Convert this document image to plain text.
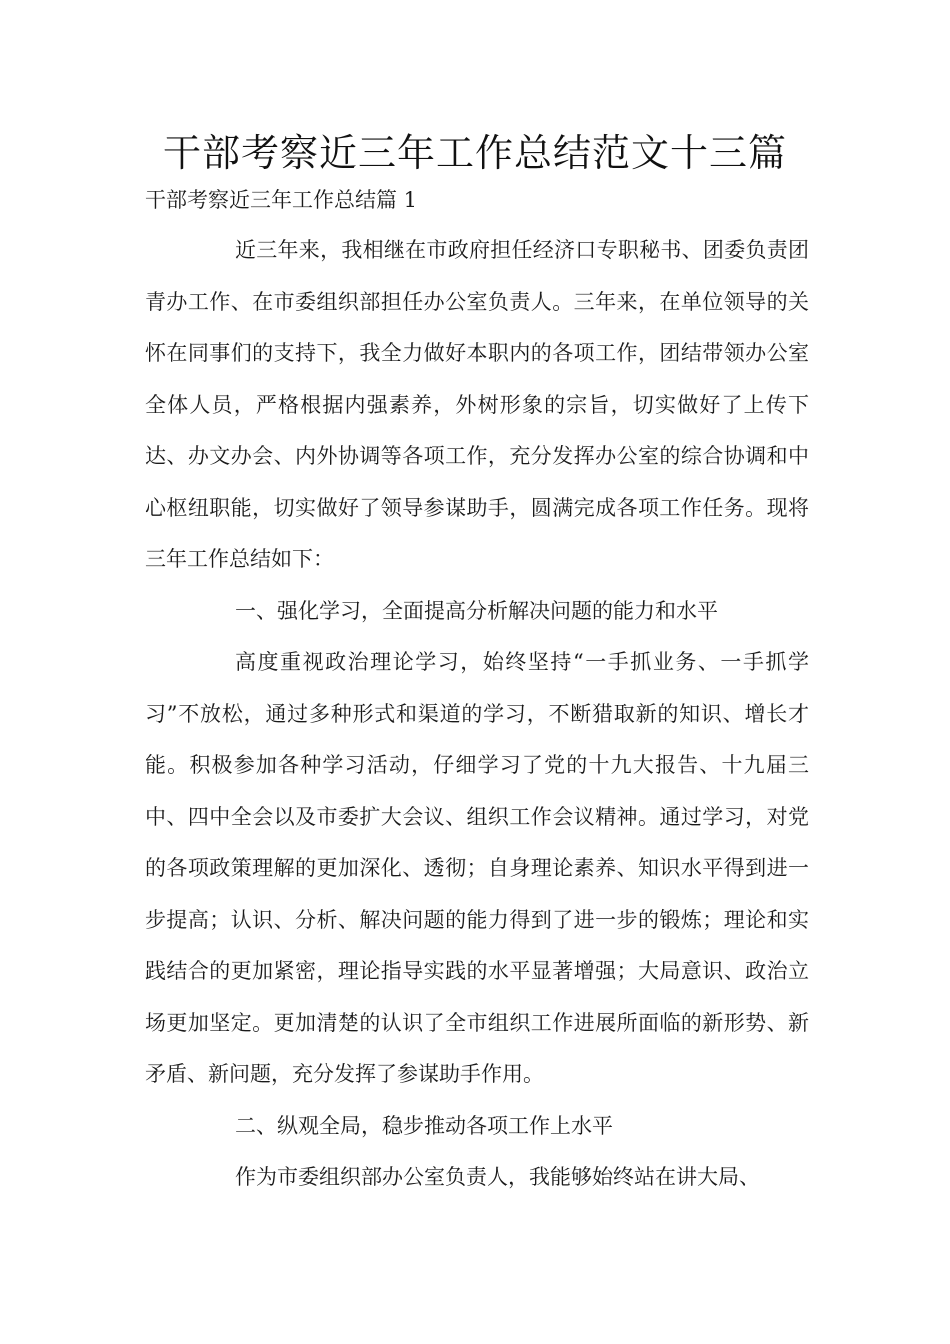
干部考察近三年工作总结范文十三篇
干部考察近三年工作总结篇 1

近三年来，我相继在市政府担任经济口专职秘书、团委负责团青办工作、在市委组织部担任办公室负责人。三年来，在单位领导的关怀在同事们的支持下，我全力做好本职内的各项工作，团结带领办公室全体人员，严格根据内强素养，外树形象的宗旨，切实做好了上传下达、办文办会、内外协调等各项工作，充分发挥办公室的综合协调和中心枢纽职能，切实做好了领导参谋助手，圆满完成各项工作任务。现将三年工作总结如下：

一、强化学习，全面提高分析解决问题的能力和水平

高度重视政治理论学习，始终坚持“一手抓业务、一手抓学习”不放松，通过多种形式和渠道的学习，不断猎取新的知识、增长才能。积极参加各种学习活动，仔细学习了党的十九大报告、十九届三中、四中全会以及市委扩大会议、组织工作会议精神。通过学习，对党的各项政策理解的更加深化、透彻；自身理论素养、知识水平得到进一步提高；认识、分析、解决问题的能力得到了进一步的锻炼；理论和实践结合的更加紧密，理论指导实践的水平显著增强；大局意识、政治立场更加坚定。更加清楚的认识了全市组织工作进展所面临的新形势、新矛盾、新问题，充分发挥了参谋助手作用。

二、纵观全局，稳步推动各项工作上水平

作为市委组织部办公室负责人，我能够始终站在讲大局、
